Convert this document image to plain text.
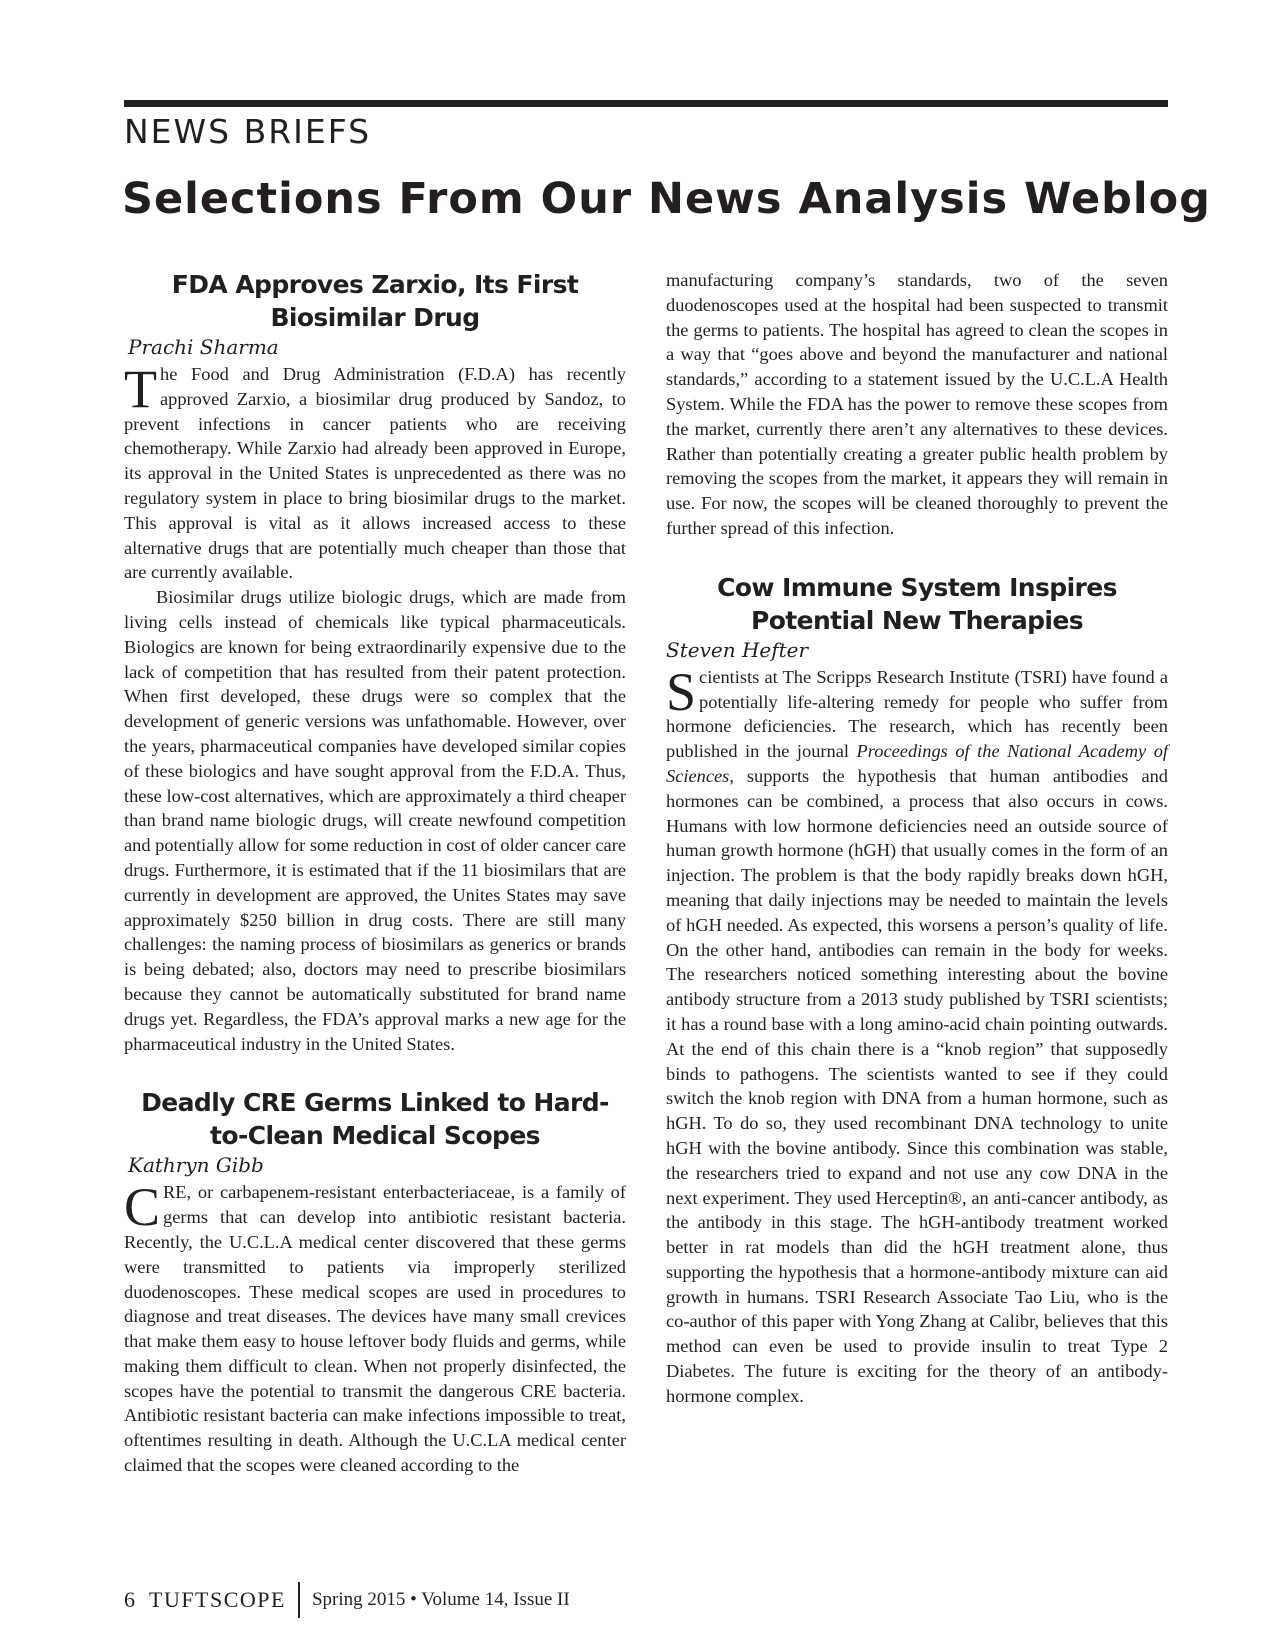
NEWS BRIEFS
Selections From Our News Analysis Weblog
FDA Approves Zarxio, Its First Biosimilar Drug
Prachi Sharma

The Food and Drug Administration (F.D.A) has recently approved Zarxio, a biosimilar drug produced by Sandoz, to prevent infections in cancer patients who are receiving chemotherapy. While Zarxio had already been approved in Europe, its approval in the United States is unprecedented as there was no regulatory system in place to bring biosimilar drugs to the market. This approval is vital as it allows increased access to these alternative drugs that are potentially much cheaper than those that are currently available.

Biosimilar drugs utilize biologic drugs, which are made from living cells instead of chemicals like typical pharmaceuticals. Biologics are known for being extraordinarily expensive due to the lack of competition that has resulted from their patent protection. When first developed, these drugs were so complex that the development of generic versions was unfathomable. However, over the years, pharmaceutical companies have developed similar copies of these biologics and have sought approval from the F.D.A. Thus, these low-cost alternatives, which are approximately a third cheaper than brand name biologic drugs, will create newfound competition and potentially allow for some reduction in cost of older cancer care drugs. Furthermore, it is estimated that if the 11 biosimilars that are currently in development are approved, the Unites States may save approximately $250 billion in drug costs. There are still many challenges: the naming process of biosimilars as generics or brands is being debated; also, doctors may need to prescribe biosimilars because they cannot be automatically substituted for brand name drugs yet. Regardless, the FDA’s approval marks a new age for the pharmaceutical industry in the United States.

Deadly CRE Germs Linked to Hard-to-Clean Medical Scopes
Kathryn Gibb

CRE, or carbapenem-resistant enterbacteriaceae, is a family of germs that can develop into antibiotic resistant bacteria. Recently, the U.C.L.A medical center discovered that these germs were transmitted to patients via improperly sterilized duodenoscopes. These medical scopes are used in procedures to diagnose and treat diseases. The devices have many small crevices that make them easy to house leftover body fluids and germs, while making them difficult to clean. When not properly disinfected, the scopes have the potential to transmit the dangerous CRE bacteria. Antibiotic resistant bacteria can make infections impossible to treat, oftentimes resulting in death. Although the U.C.LA medical center claimed that the scopes were cleaned according to the

manufacturing company’s standards, two of the seven duodenoscopes used at the hospital had been suspected to transmit the germs to patients. The hospital has agreed to clean the scopes in a way that “goes above and beyond the manufacturer and national standards,” according to a statement issued by the U.C.L.A Health System. While the FDA has the power to remove these scopes from the market, currently there aren’t any alternatives to these devices. Rather than potentially creating a greater public health problem by removing the scopes from the market, it appears they will remain in use. For now, the scopes will be cleaned thoroughly to prevent the further spread of this infection.

Cow Immune System Inspires Potential New Therapies
Steven Hefter

Scientists at The Scripps Research Institute (TSRI) have found a potentially life-altering remedy for people who suffer from hormone deficiencies. The research, which has recently been published in the journal Proceedings of the National Academy of Sciences, supports the hypothesis that human antibodies and hormones can be combined, a process that also occurs in cows. Humans with low hormone deficiencies need an outside source of human growth hormone (hGH) that usually comes in the form of an injection. The problem is that the body rapidly breaks down hGH, meaning that daily injections may be needed to maintain the levels of hGH needed. As expected, this worsens a person’s quality of life. On the other hand, antibodies can remain in the body for weeks. The researchers noticed something interesting about the bovine antibody structure from a 2013 study published by TSRI scientists; it has a round base with a long amino-acid chain pointing outwards. At the end of this chain there is a “knob region” that supposedly binds to pathogens. The scientists wanted to see if they could switch the knob region with DNA from a human hormone, such as hGH. To do so, they used recombinant DNA technology to unite hGH with the bovine antibody. Since this combination was stable, the researchers tried to expand and not use any cow DNA in the next experiment. They used Herceptin®, an anti-cancer antibody, as the antibody in this stage. The hGH-antibody treatment worked better in rat models than did the hGH treatment alone, thus supporting the hypothesis that a hormone-antibody mixture can aid growth in humans. TSRI Research Associate Tao Liu, who is the co-author of this paper with Yong Zhang at Calibr, believes that this method can even be used to provide insulin to treat Type 2 Diabetes. The future is exciting for the theory of an antibody-hormone complex.

6 TUFTSCOPE Spring 2015 • Volume 14, Issue II
